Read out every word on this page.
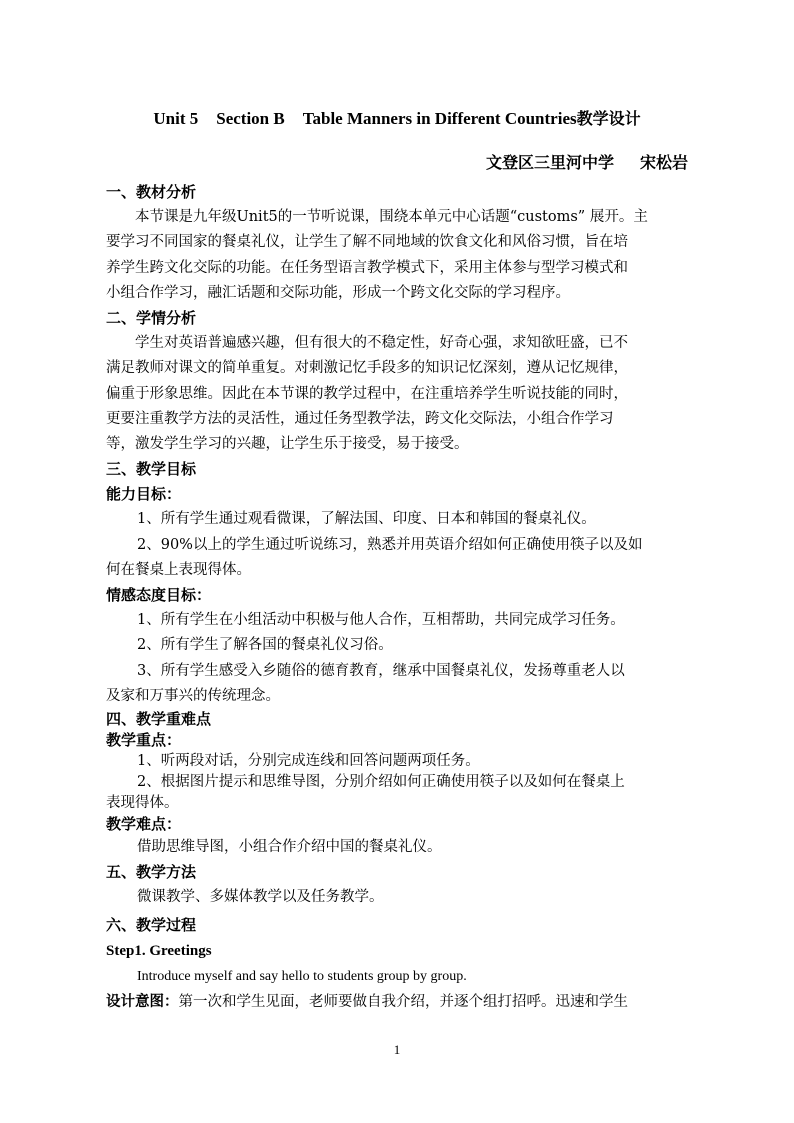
Unit 5 Section B Table Manners in Different Countries教学设计
文登区三里河中学 宋松岩
一、教材分析
本节课是九年级Unit5的一节听说课，围绕本单元中心话题“customs” 展开。主
要学习不同国家的餐桌礼仪，让学生了解不同地域的饮食文化和风俗习惯，旨在培
养学生跨文化交际的功能。在任务型语言教学模式下，采用主体参与型学习模式和
小组合作学习，融汇话题和交际功能，形成一个跨文化交际的学习程序。
二、学情分析
学生对英语普遍感兴趣，但有很大的不稳定性，好奇心强，求知欲旺盛，已不
满足教师对课文的简单重复。对刺激记忆手段多的知识记忆深刻，遵从记忆规律，
偏重于形象思维。因此在本节课的教学过程中，在注重培养学生听说技能的同时，
更要注重教学方法的灵活性，通过任务型教学法，跨文化交际法，小组合作学习
等，激发学生学习的兴趣，让学生乐于接受，易于接受。
三、教学目标
能力目标：
1、所有学生通过观看微课，了解法国、印度、日本和韩国的餐桌礼仪。
2、90%以上的学生通过听说练习，熟悉并用英语介绍如何正确使用筷子以及如
何在餐桌上表现得体。
情感态度目标：
1、所有学生在小组活动中积极与他人合作，互相帮助，共同完成学习任务。
2、所有学生了解各国的餐桌礼仪习俗。
3、所有学生感受入乡随俗的德育教育，继承中国餐桌礼仪，发扬尊重老人以
及家和万事兴的传统理念。
四、教学重难点
教学重点：
1、听两段对话，分别完成连线和回答问题两项任务。
2、根据图片提示和思维导图，分别介绍如何正确使用筷子以及如何在餐桌上
表现得体。
教学难点：
借助思维导图，小组合作介绍中国的餐桌礼仪。
五、教学方法
微课教学、多媒体教学以及任务教学。
六、教学过程
Step1. Greetings
Introduce myself and say hello to students group by group.
设计意图：第一次和学生见面，老师要做自我介绍，并逐个组打招呼。迅速和学生
1
